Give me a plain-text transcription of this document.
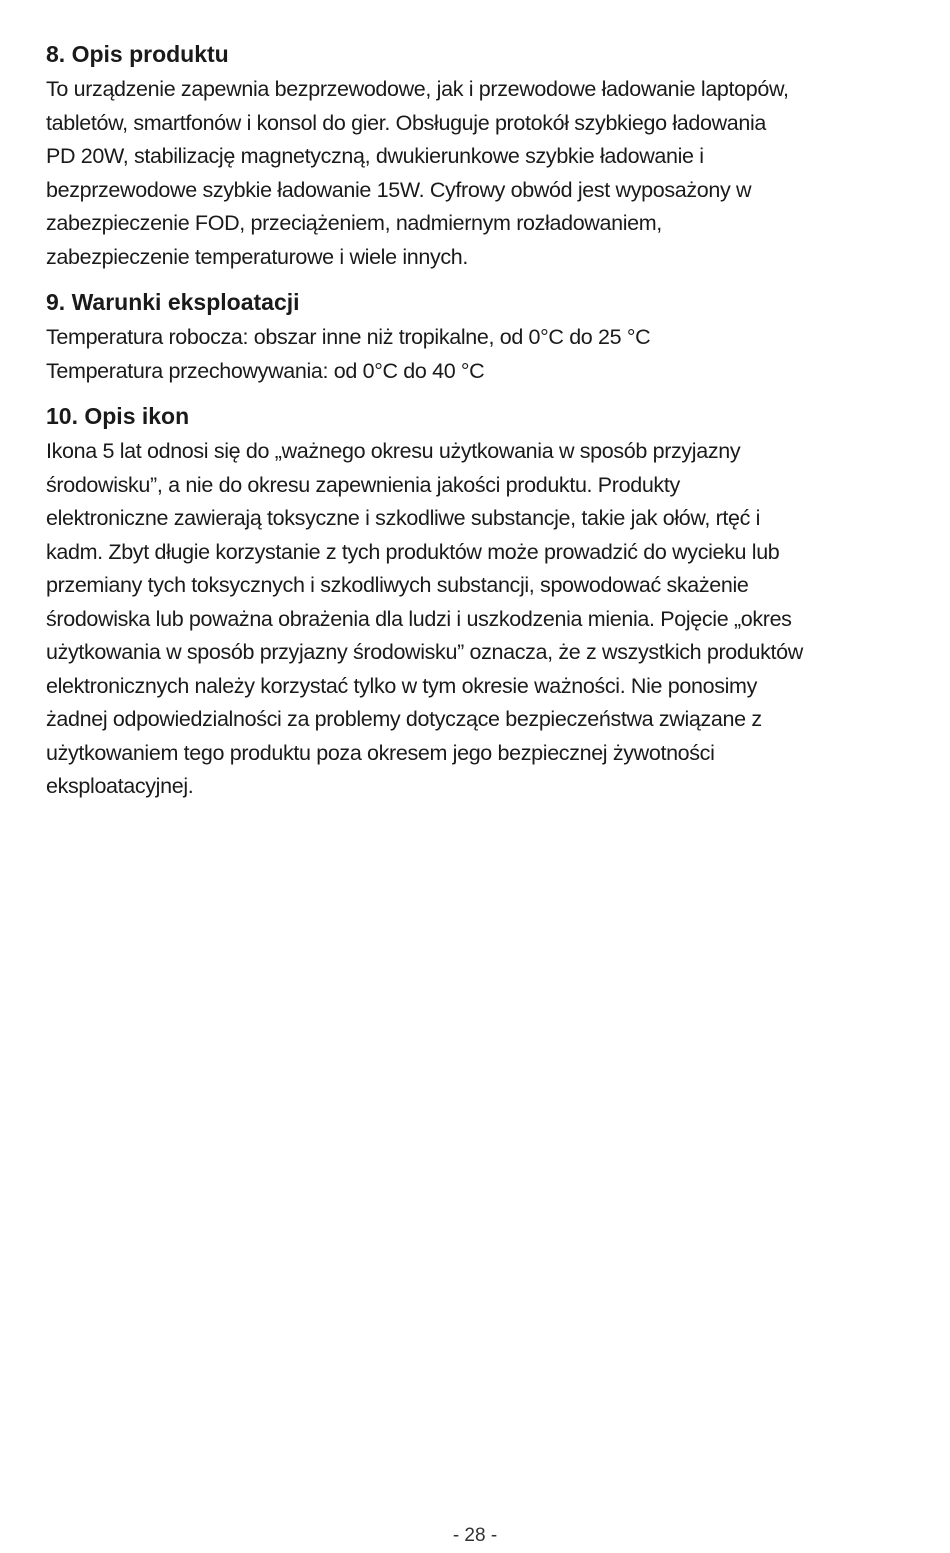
8. Opis produktu

To urządzenie zapewnia bezprzewodowe, jak i przewodowe ładowanie laptopów,
tabletów, smartfonów i konsol do gier. Obsługuje protokół szybkiego ładowania
PD 20W, stabilizację magnetyczną, dwukierunkowe szybkie ładowanie i
bezprzewodowe szybkie ładowanie 15W. Cyfrowy obwód jest wyposażony w
zabezpieczenie FOD, przeciążeniem, nadmiernym rozładowaniem,
zabezpieczenie temperaturowe i wiele innych.

9. Warunki eksploatacji

Temperatura robocza: obszar inne niż tropikalne, od 0°C do 25 °C
Temperatura przechowywania: od 0°C do 40 °C

10. Opis ikon

Ikona 5 lat odnosi się do „ważnego okresu użytkowania w sposób przyjazny
środowisku”, a nie do okresu zapewnienia jakości produktu. Produkty
elektroniczne zawierają toksyczne i szkodliwe substancje, takie jak ołów, rtęć i
kadm. Zbyt długie korzystanie z tych produktów może prowadzić do wycieku lub
przemiany tych toksycznych i szkodliwych substancji, spowodować skażenie
środowiska lub poważna obrażenia dla ludzi i uszkodzenia mienia. Pojęcie „okres
użytkowania w sposób przyjazny środowisku” oznacza, że z wszystkich produktów
elektronicznych należy korzystać tylko w tym okresie ważności. Nie ponosimy
żadnej odpowiedzialności za problemy dotyczące bezpieczeństwa związane z
użytkowaniem tego produktu poza okresem jego bezpiecznej żywotności
eksploatacyjnej.

- 28 -
